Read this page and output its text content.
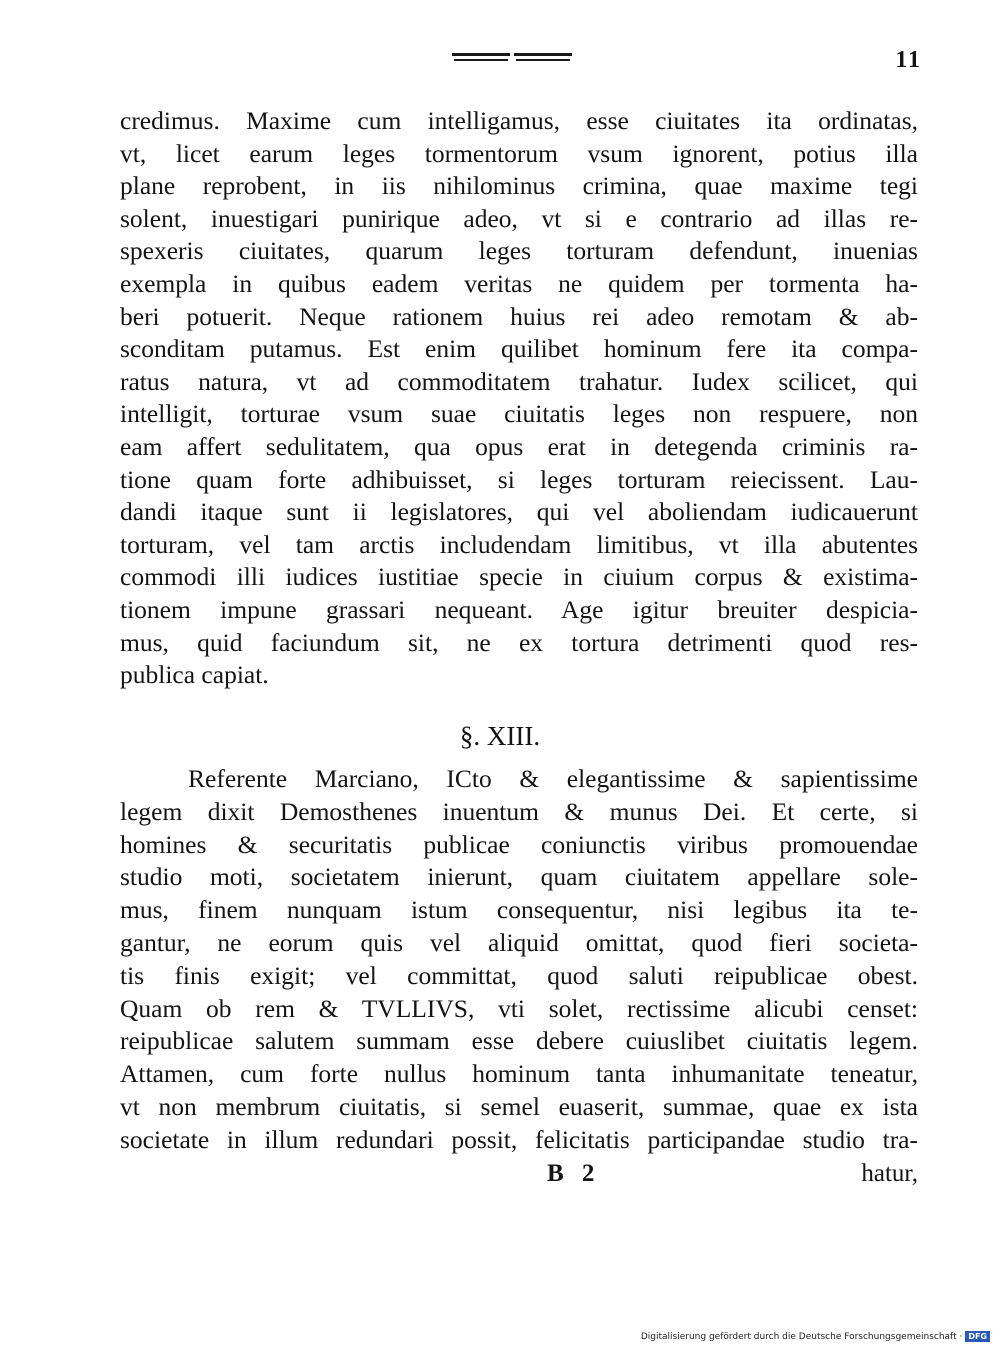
11
credimus. Maxime cum intelligamus, esse ciuitates ita ordinatas,
vt, licet earum leges tormentorum vsum ignorent, potius illa
plane reprobent, in iis nihilominus crimina, quae maxime tegi
solent, inuestigari punirique adeo, vt si e contrario ad illas re-
spexeris ciuitates, quarum leges torturam defendunt, inuenias
exempla in quibus eadem veritas ne quidem per tormenta ha-
beri potuerit. Neque rationem huius rei adeo remotam & ab-
sconditam putamus. Est enim quilibet hominum fere ita compa-
ratus natura, vt ad commoditatem trahatur. Iudex scilicet, qui
intelligit, torturae vsum suae ciuitatis leges non respuere, non
eam affert sedulitatem, qua opus erat in detegenda criminis ra-
tione quam forte adhibuisset, si leges torturam reiecissent. Lau-
dandi itaque sunt ii legislatores, qui vel aboliendam iudicauerunt
torturam, vel tam arctis includendam limitibus, vt illa abutentes
commodi illi iudices iustitiae specie in ciuium corpus & existima-
tionem impune grassari nequeant. Age igitur breuiter despicia-
mus, quid faciundum sit, ne ex tortura detrimenti quod res-
publica capiat.
§. XIII.
Referente Marciano, ICto & elegantissime & sapientissime
legem dixit Demosthenes inuentum & munus Dei. Et certe, si
homines & securitatis publicae coniunctis viribus promouendae
studio moti, societatem inierunt, quam ciuitatem appellare sole-
mus, finem nunquam istum consequentur, nisi legibus ita te-
gantur, ne eorum quis vel aliquid omittat, quod fieri societa-
tis finis exigit; vel committat, quod saluti reipublicae obest.
Quam ob rem & TVLLIVS, vti solet, rectissime alicubi censet:
reipublicae salutem summam esse debere cuiuslibet ciuitatis legem.
Attamen, cum forte nullus hominum tanta inhumanitate teneatur,
vt non membrum ciuitatis, si semel euaserit, summae, quae ex ista
societate in illum redundari possit, felicitatis participandae studio tra-
B 2	hatur,
Digitalisierung gefördert durch die Deutsche Forschungsgemeinschaft · DFG
